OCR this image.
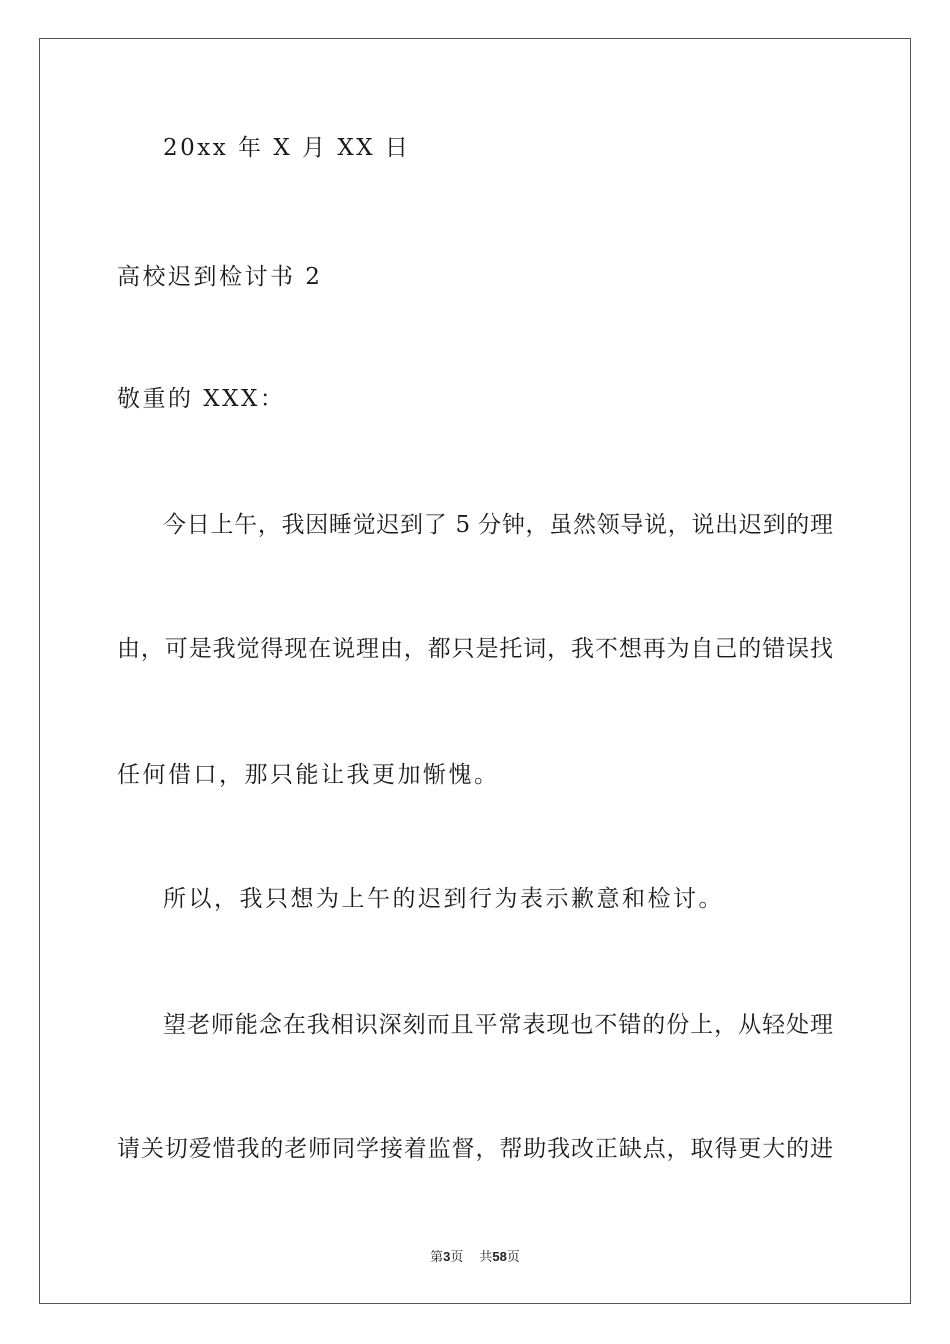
20xx 年 X 月 XX 日
高校迟到检讨书 2
敬重的 XXX：
今日上午，我因睡觉迟到了 5 分钟，虽然领导说，说出迟到的理
由，可是我觉得现在说理由，都只是托词，我不想再为自己的错误找
任何借口，那只能让我更加惭愧。
所以，我只想为上午的迟到行为表示歉意和检讨。
望老师能念在我相识深刻而且平常表现也不错的份上，从轻处理
请关切爱惜我的老师同学接着监督，帮助我改正缺点，取得更大的进
第3页 共58页
